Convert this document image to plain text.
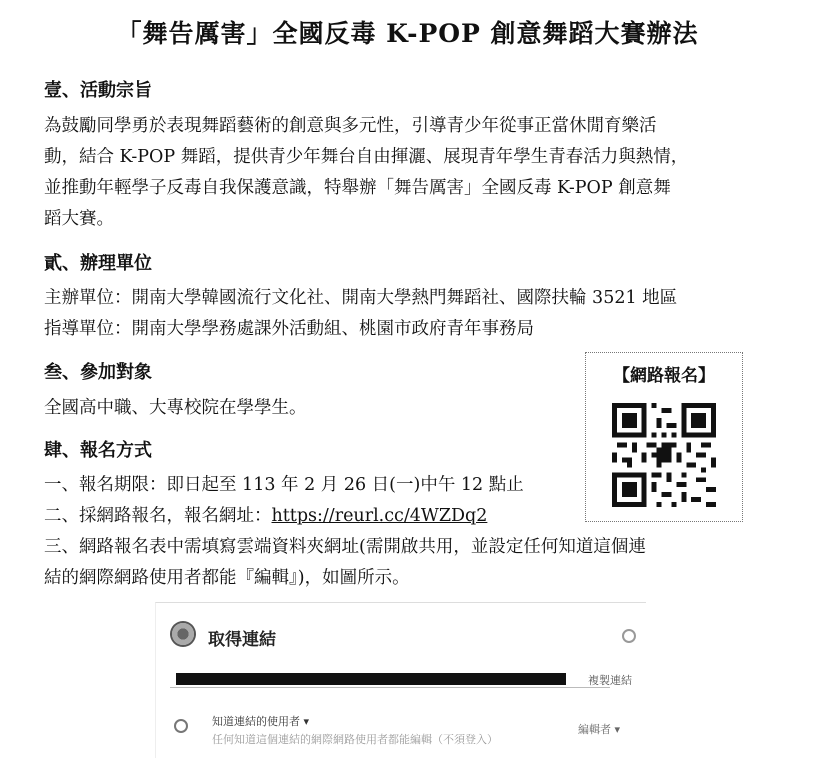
「舞告厲害」全國反毒 K-POP 創意舞蹈大賽辦法
壹、活動宗旨
為鼓勵同學勇於表現舞蹈藝術的創意與多元性，引導青少年從事正當休閒育樂活
動，結合 K-POP 舞蹈，提供青少年舞台自由揮灑、展現青年學生青春活力與熱情，
並推動年輕學子反毒自我保護意識，特舉辦「舞告厲害」全國反毒 K-POP 創意舞
蹈大賽。
貳、辦理單位
主辦單位：開南大學韓國流行文化社、開南大學熱門舞蹈社、國際扶輪 3521 地區
指導單位：開南大學學務處課外活動組、桃園市政府青年事務局
叁、參加對象
全國高中職、大專校院在學學生。
肆、報名方式
一、報名期限：即日起至 113 年 2 月 26 日(一)中午 12 點止
二、採網路報名，報名網址：https://reurl.cc/4WZDq2
三、網路報名表中需填寫雲端資料夾網址(需開啟共用，並設定任何知道這個連
結的網際網路使用者都能『編輯』)，如圖所示。
【網路報名】
取得連結
複製連結
知道連結的使用者 ▾
任何知道這個連結的網際網路使用者都能編輯（不須登入）
編輯者 ▾
